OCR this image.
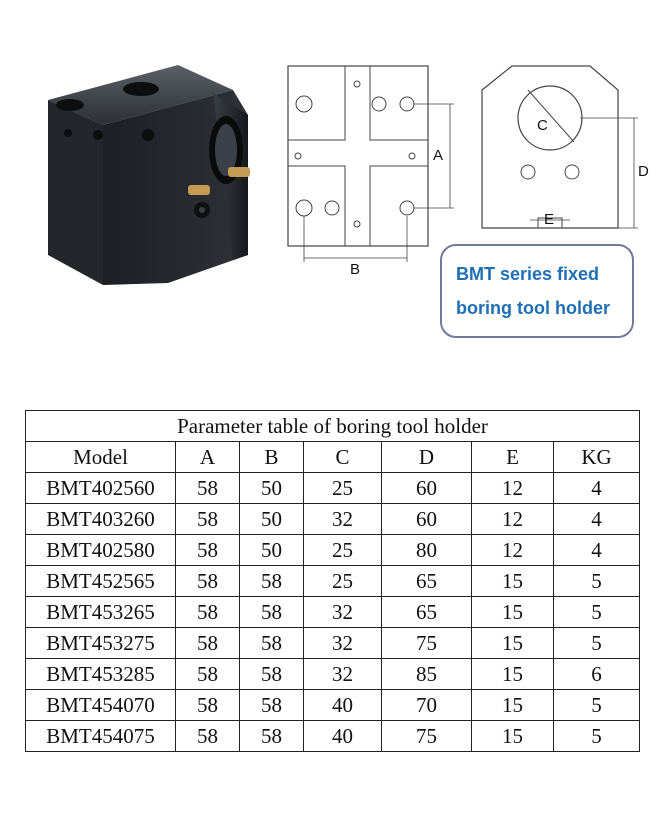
A
B
C
D
E
BMT series fixed
boring tool holder
Parameter table of boring tool holder
Model	A	B	C	D	E	KG
BMT402560	58	50	25	60	12	4
BMT403260	58	50	32	60	12	4
BMT402580	58	50	25	80	12	4
BMT452565	58	58	25	65	15	5
BMT453265	58	58	32	65	15	5
BMT453275	58	58	32	75	15	5
BMT453285	58	58	32	85	15	6
BMT454070	58	58	40	70	15	5
BMT454075	58	58	40	75	15	5
